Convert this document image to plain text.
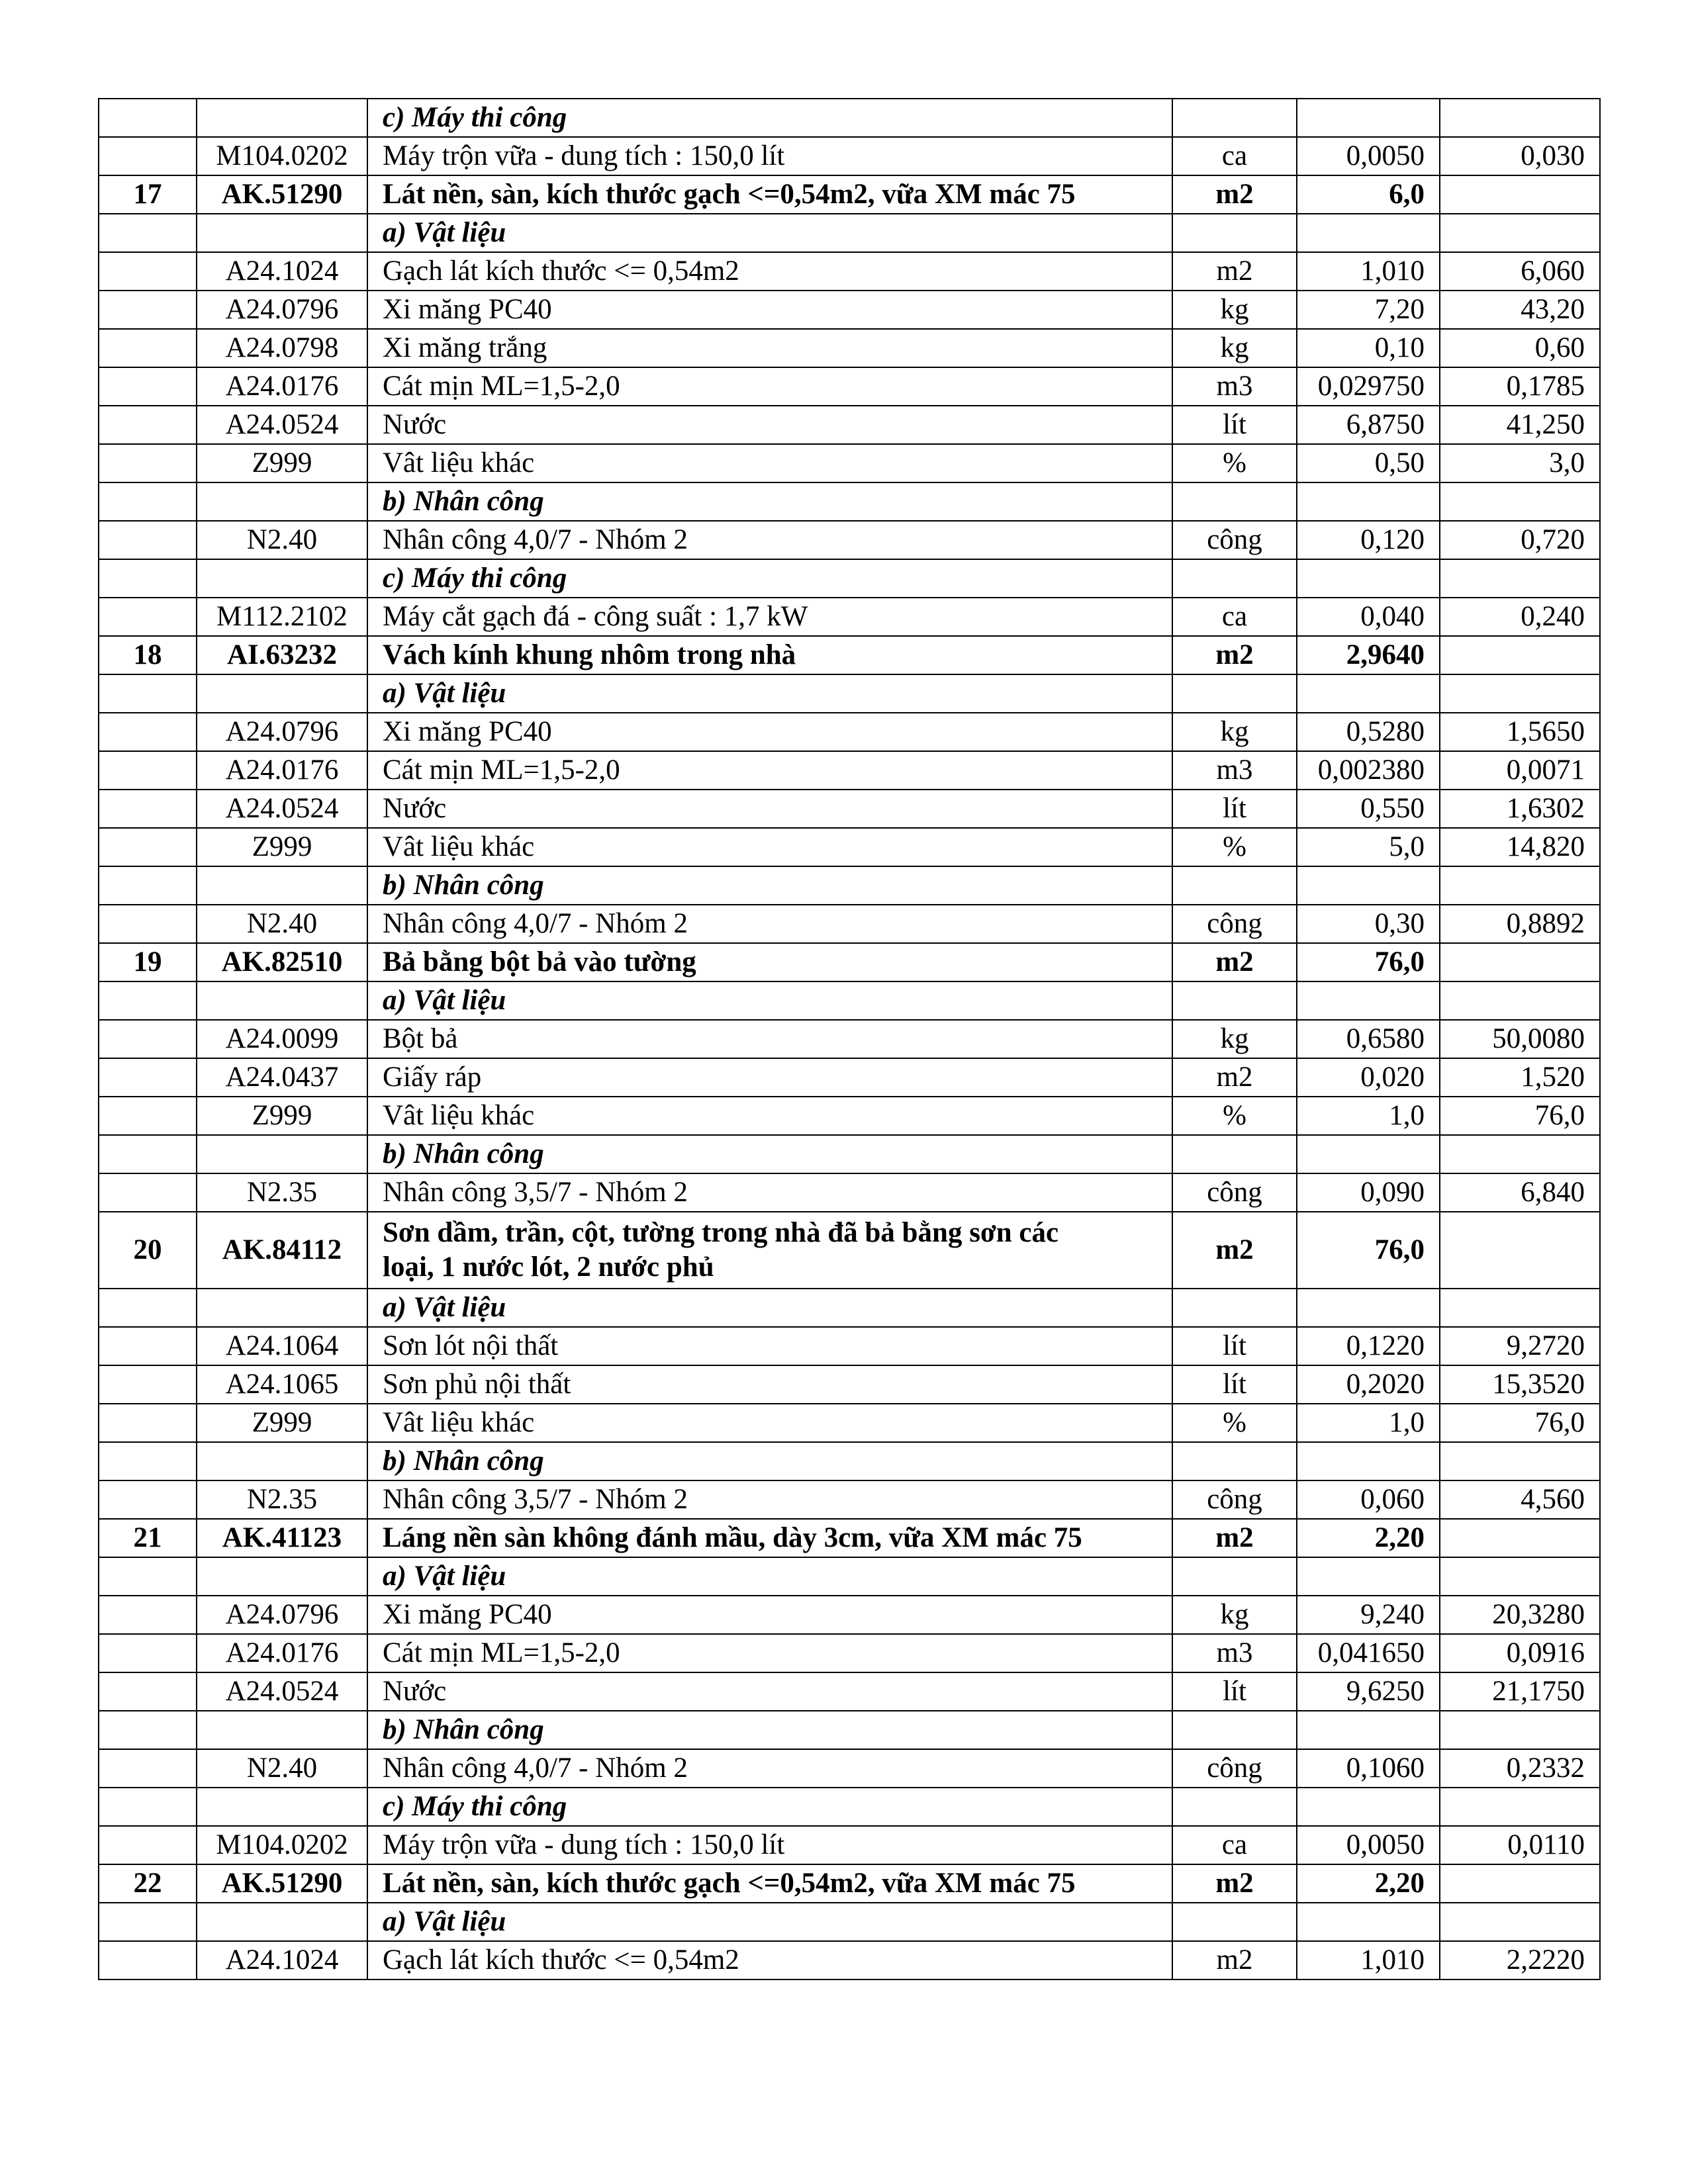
		c) Máy thi công			
	M104.0202	Máy trộn vữa - dung tích : 150,0 lít	ca	0,0050	0,030
17	AK.51290	Lát nền, sàn, kích thước gạch <=0,54m2, vữa XM mác 75	m2	6,0	
		a) Vật liệu			
	A24.1024	Gạch lát kích thước <= 0,54m2	m2	1,010	6,060
	A24.0796	Xi măng PC40	kg	7,20	43,20
	A24.0798	Xi măng trắng	kg	0,10	0,60
	A24.0176	Cát mịn ML=1,5-2,0	m3	0,029750	0,1785
	A24.0524	Nước	lít	6,8750	41,250
	Z999	Vât liệu khác	%	0,50	3,0
		b) Nhân công			
	N2.40	Nhân công 4,0/7 - Nhóm 2	công	0,120	0,720
		c) Máy thi công			
	M112.2102	Máy cắt gạch đá - công suất : 1,7 kW	ca	0,040	0,240
18	AI.63232	Vách kính khung nhôm trong nhà	m2	2,9640	
		a) Vật liệu			
	A24.0796	Xi măng PC40	kg	0,5280	1,5650
	A24.0176	Cát mịn ML=1,5-2,0	m3	0,002380	0,0071
	A24.0524	Nước	lít	0,550	1,6302
	Z999	Vât liệu khác	%	5,0	14,820
		b) Nhân công			
	N2.40	Nhân công 4,0/7 - Nhóm 2	công	0,30	0,8892
19	AK.82510	Bả bằng bột bả vào tường	m2	76,0	
		a) Vật liệu			
	A24.0099	Bột bả	kg	0,6580	50,0080
	A24.0437	Giấy ráp	m2	0,020	1,520
	Z999	Vât liệu khác	%	1,0	76,0
		b) Nhân công			
	N2.35	Nhân công 3,5/7 - Nhóm 2	công	0,090	6,840
20	AK.84112	Sơn dầm, trần, cột, tường trong nhà đã bả bằng sơn các
loại, 1 nước lót, 2 nước phủ	m2	76,0	
		a) Vật liệu			
	A24.1064	Sơn lót nội thất	lít	0,1220	9,2720
	A24.1065	Sơn phủ nội thất	lít	0,2020	15,3520
	Z999	Vât liệu khác	%	1,0	76,0
		b) Nhân công			
	N2.35	Nhân công 3,5/7 - Nhóm 2	công	0,060	4,560
21	AK.41123	Láng nền sàn không đánh mầu, dày 3cm, vữa XM mác 75	m2	2,20	
		a) Vật liệu			
	A24.0796	Xi măng PC40	kg	9,240	20,3280
	A24.0176	Cát mịn ML=1,5-2,0	m3	0,041650	0,0916
	A24.0524	Nước	lít	9,6250	21,1750
		b) Nhân công			
	N2.40	Nhân công 4,0/7 - Nhóm 2	công	0,1060	0,2332
		c) Máy thi công			
	M104.0202	Máy trộn vữa - dung tích : 150,0 lít	ca	0,0050	0,0110
22	AK.51290	Lát nền, sàn, kích thước gạch <=0,54m2, vữa XM mác 75	m2	2,20	
		a) Vật liệu			
	A24.1024	Gạch lát kích thước <= 0,54m2	m2	1,010	2,2220
